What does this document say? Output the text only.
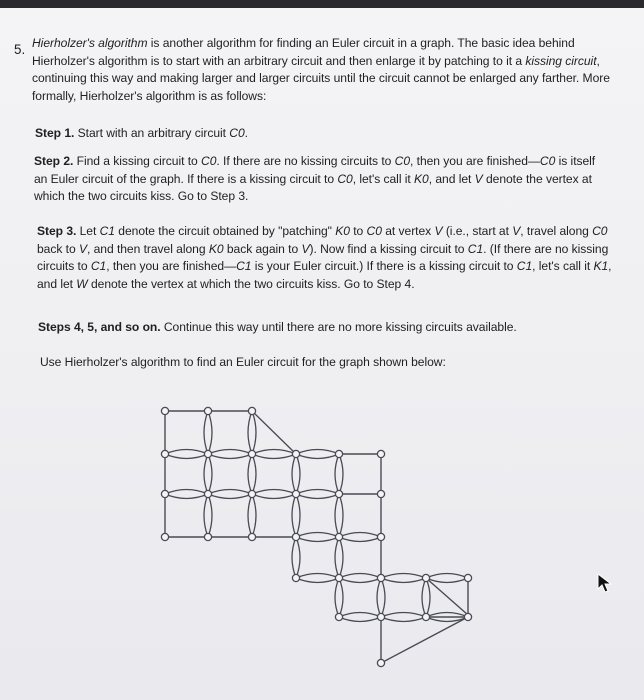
5. Hierholzer's algorithm is another algorithm for finding an Euler circuit in a graph. The basic idea behind Hierholzer's algorithm is to start with an arbitrary circuit and then enlarge it by patching to it a kissing circuit, continuing this way and making larger and larger circuits until the circuit cannot be enlarged any farther. More formally, Hierholzer's algorithm is as follows:
Step 1. Start with an arbitrary circuit C0.
Step 2. Find a kissing circuit to C0. If there are no kissing circuits to C0, then you are finished—C0 is itself an Euler circuit of the graph. If there is a kissing circuit to C0, let's call it K0, and let V denote the vertex at which the two circuits kiss. Go to Step 3.
Step 3. Let C1 denote the circuit obtained by "patching" K0 to C0 at vertex V (i.e., start at V, travel along C0 back to V, and then travel along K0 back again to V). Now find a kissing circuit to C1. (If there are no kissing circuits to C1, then you are finished—C1 is your Euler circuit.) If there is a kissing circuit to C1, let's call it K1, and let W denote the vertex at which the two circuits kiss. Go to Step 4.
Steps 4, 5, and so on. Continue this way until there are no more kissing circuits available.
Use Hierholzer's algorithm to find an Euler circuit for the graph shown below:
